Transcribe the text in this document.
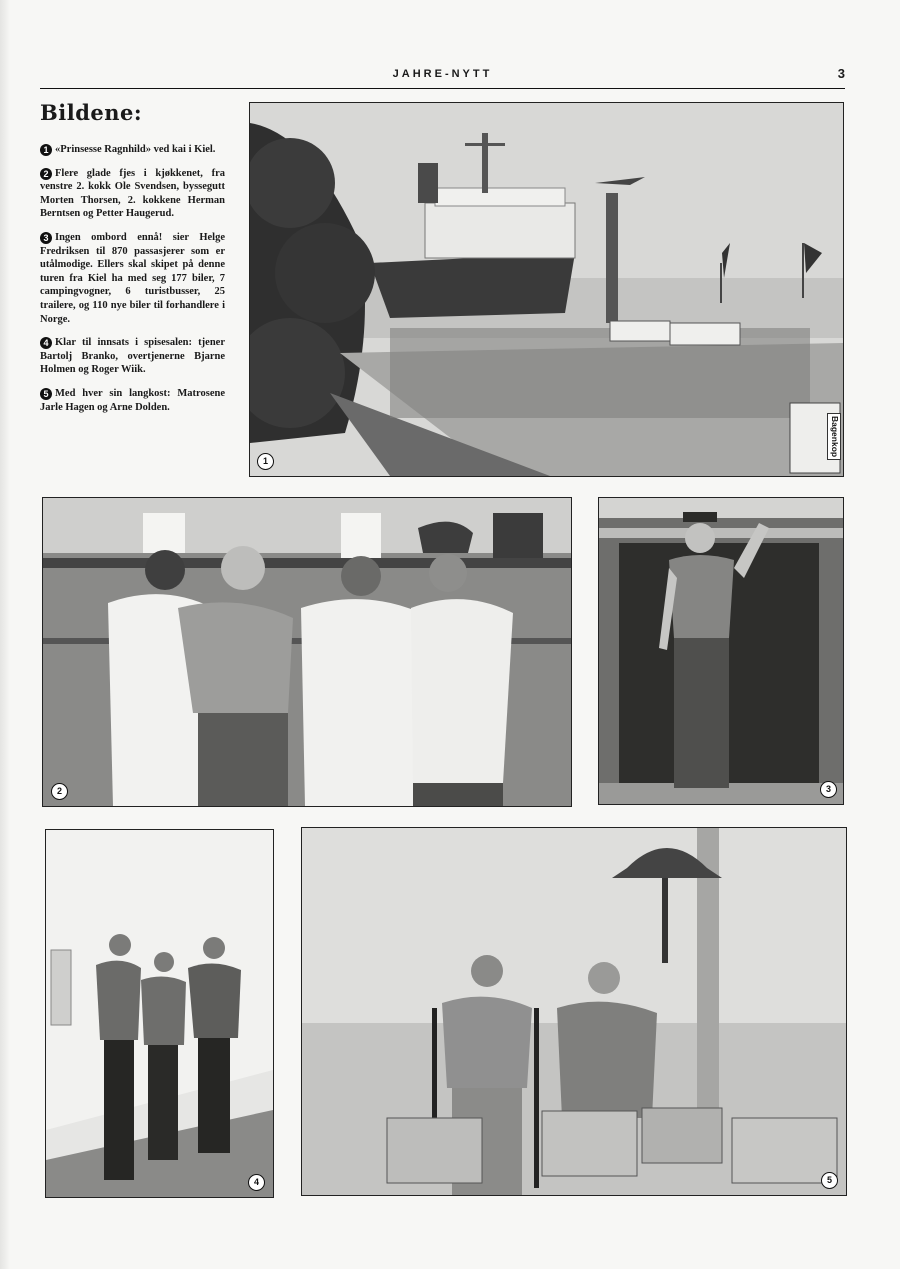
JAHRE-NYTT	3
Bildene:

1 «Prinsesse Ragnhild» ved kai i Kiel.

2 Flere glade fjes i kjøkkenet, fra venstre 2. kokk Ole Svendsen, byssegutt Morten Thorsen, 2. kokkene Herman Berntsen og Petter Haugerud.

3 Ingen ombord ennå! sier Helge Fredriksen til 870 passasjerer som er utålmodige. Ellers skal skipet på denne turen fra Kiel ha med seg 177 biler, 7 campingvogner, 6 turistbusser, 25 trailere, og 110 nye biler til forhandlere i Norge.

4 Klar til innsats i spisesalen: tjener Bartolj Branko, overtjenerne Bjarne Holmen og Roger Wiik.

5 Med hver sin langkost: Matrosene Jarle Hagen og Arne Dolden.

Bagenkop
1
2	3
4	5
